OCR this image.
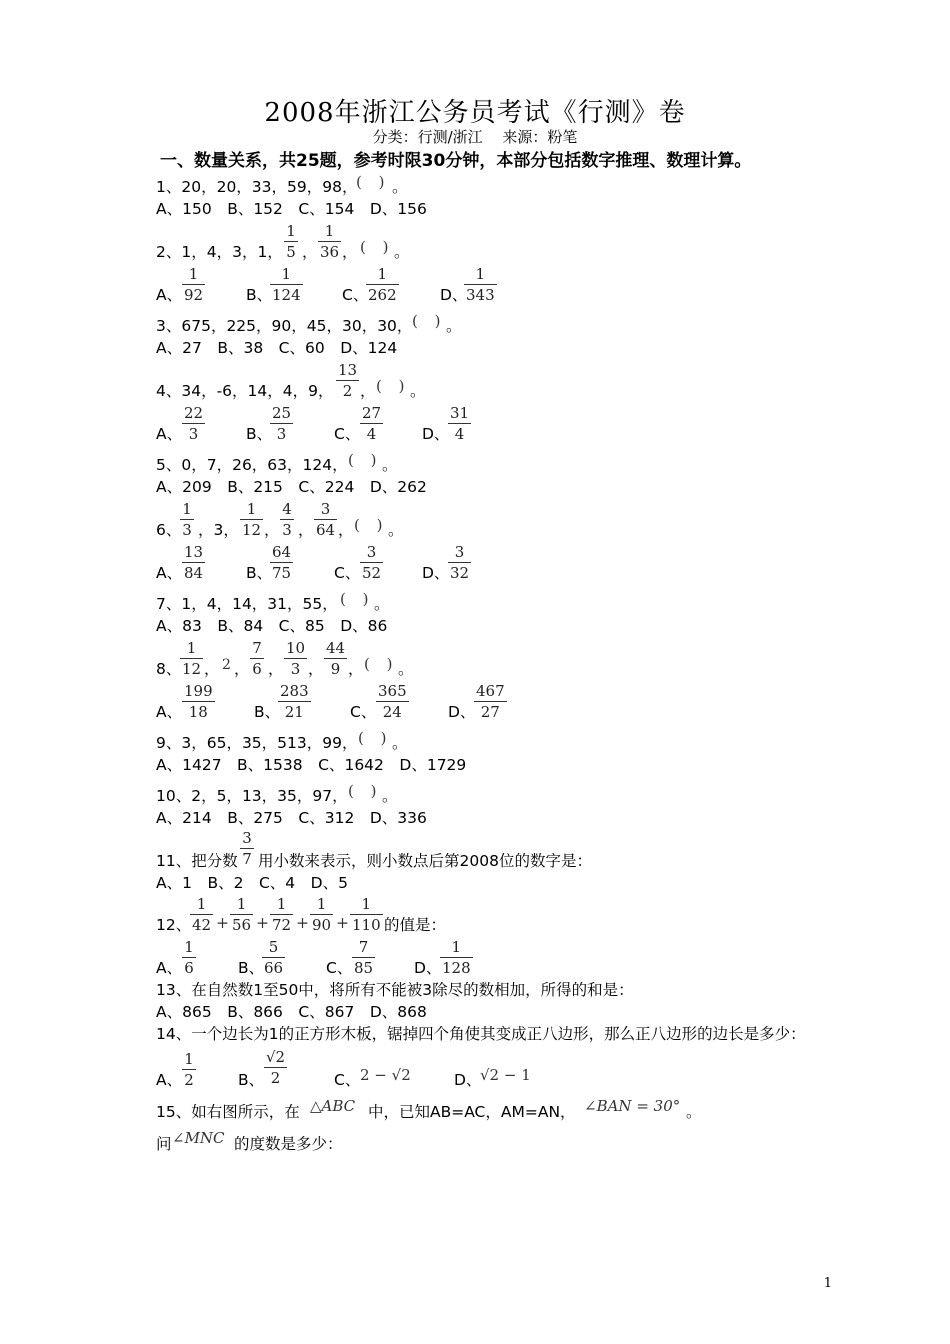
2008年浙江公务员考试《行测》卷
分类：行测/浙江　 来源：粉笔
一、数量关系，共25题，参考时限30分钟，本部分包括数字推理、数理计算。
1、20，20，33，59，98，
( ) 。
A、150　B、152　C、154　D、156
2、1，4，3，1，
1
5 ，
1
36 ， ( ) 。
A、
1
92	B、
1
124	C、
1
262	D、
1
343
3、675，225，90，45，30，30， ( ) 。
A、27　B、38　C、60　D、124
4、34，-6，14，4，9，
13
2 ， ( ) 。
A、
22
3	B、
25
3	C、
27
4	D、
31
4
5、0，7，26，63，124， ( ) 。
A、209　B、215　C、224　D、262
6、
1
3 ，3，
1
12 ，
4
3 ，
3
64 ， ( ) 。
A、
13
84	B、
64
75	C、
3
52	D、
3
32
7、1，4，14，31，55， ( ) 。
A、83　B、84　C、85　D、86
8、
1
12 ， 2 ，
7
6 ，
10
3 ，
44
9 ， ( ) 。
A、
199
18	B、
283
21	C、
365
24	D、
467
27
9、3，65，35，513，99， ( ) 。
A、1427　B、1538　C、1642　D、1729
10、2，5，13，35，97， ( ) 。
A、214　B、275　C、312　D、336
11、把分数
3
7 用小数来表示，则小数点后第2008位的数字是：
A、1　B、2　C、4　D、5
12、
1
42 +
1
56 +
1
72 +
1
90 +
1
110 的值是：
A、
1
6	B、
5
66	C、
7
85	D、
1
128
13、在自然数1至50中，将所有不能被3除尽的数相加，所得的和是：
A、865　B、866　C、867　D、868
14、一个边长为1的正方形木板，锯掉四个角使其变成正八边形，那么正八边形的边长是多少：
A、
1
2	B、
√2
2	C、 2 − √2	D、
√2 − 1
15、如右图所示，在 △ABC 中，已知AB=AC，AM=AN， ∠BAN = 30° 。
问 ∠MNC 的度数是多少：
1
